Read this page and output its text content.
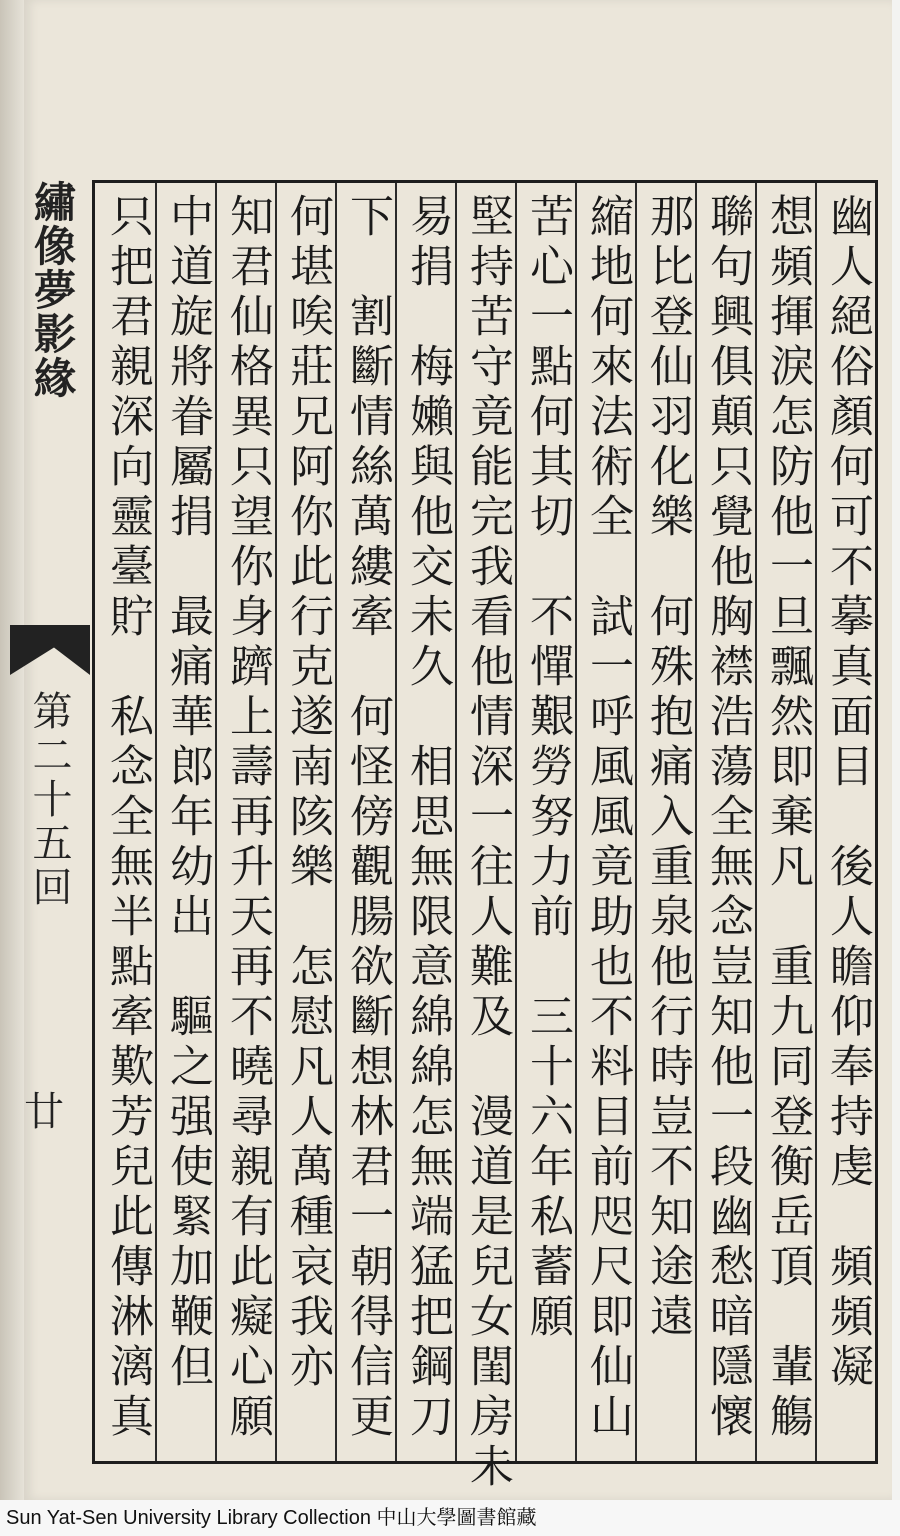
繡像夢影緣
第二十五回
廿	幽人絕俗顏何可不摹真面目　後人瞻仰奉持虔　頻頻凝
想頻揮淚怎防他一旦飄然即棄凡　重九同登衡岳頂　輩觴
聯句興俱顛只覺他胸襟浩蕩全無念豈知他一段幽愁暗隱懷
那比登仙羽化樂　何殊抱痛入重泉他行時豈不知途遠
縮地何來法術全　試一呼風風竟助也不料目前咫尺即仙山
苦心一點何其切　不憚艱勞努力前　三十六年私蓄願
堅持苦守竟能完我看他情深一往人難及　漫道是兒女閨房未
易捐　梅嬾與他交未久　相思無限意綿綿怎無端猛把鋼刀
下　割斷情絲萬縷牽　何怪傍觀腸欲斷想林君一朝得信更
何堪唉莊兄阿你此行克遂南陔樂　怎慰凡人萬種哀我亦
知君仙格異只望你身躋上壽再升天再不曉尋親有此癡心願
中道旋將眷屬捐　最痛華郎年幼出　驅之强使緊加鞭但
只把君親深向靈臺貯　私念全無半點牽歎芳兒此傳淋漓真
Sun Yat-Sen University Library Collection 中山大學圖書館藏
